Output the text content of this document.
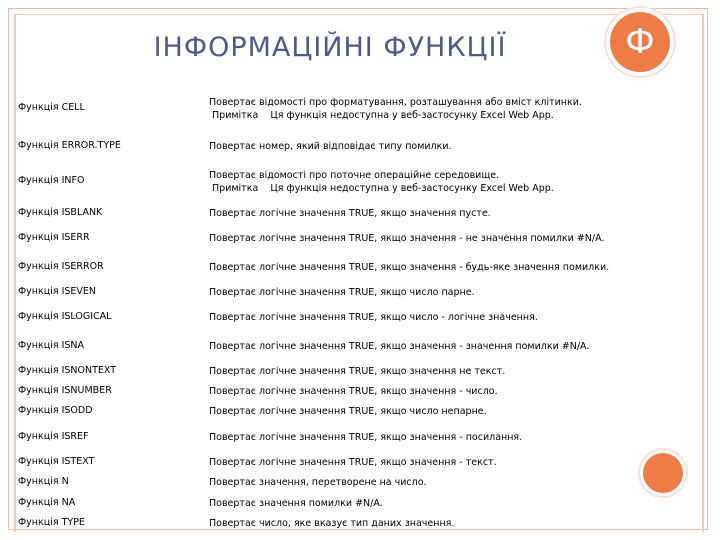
ІНФОРМАЦІЙНІ ФУНКЦІЇ	Ф
Функція CELL	Повертає відомості про форматування, розташування або вміст клітинки.
Примітка    Ця функція недоступна у веб-застосунку Excel Web App.
Функція ERROR.TYPE	Повертає номер, який відповідає типу помилки.
Функція INFO	Повертає відомості про поточне операційне середовище.
Примітка    Ця функція недоступна у веб-застосунку Excel Web App.
Функція ISBLANK	Повертає логічне значення TRUE, якщо значення пусте.
Функція ISERR	Повертає логічне значення TRUE, якщо значення - не значення помилки #N/A.
Функція ISERROR	Повертає логічне значення TRUE, якщо значення - будь-яке значення помилки.
Функція ISEVEN	Повертає логічне значення TRUE, якщо число парне.
Функція ISLOGICAL	Повертає логічне значення TRUE, якщо число - логічне значення.
Функція ISNA	Повертає логічне значення TRUE, якщо значення - значення помилки #N/A.
Функція ISNONTEXT	Повертає логічне значення TRUE, якщо значення не текст.
Функція ISNUMBER	Повертає логічне значення TRUE, якщо значення - число.
Функція ISODD	Повертає логічне значення TRUE, якщо число непарне.
Функція ISREF	Повертає логічне значення TRUE, якщо значення - посилання.
Функція ISTEXT	Повертає логічне значення TRUE, якщо значення - текст.
Функція N	Повертає значення, перетворене на число.
Функція NA	Повертає значення помилки #N/A.
Функція TYPE	Повертає число, яке вказує тип даних значення.
